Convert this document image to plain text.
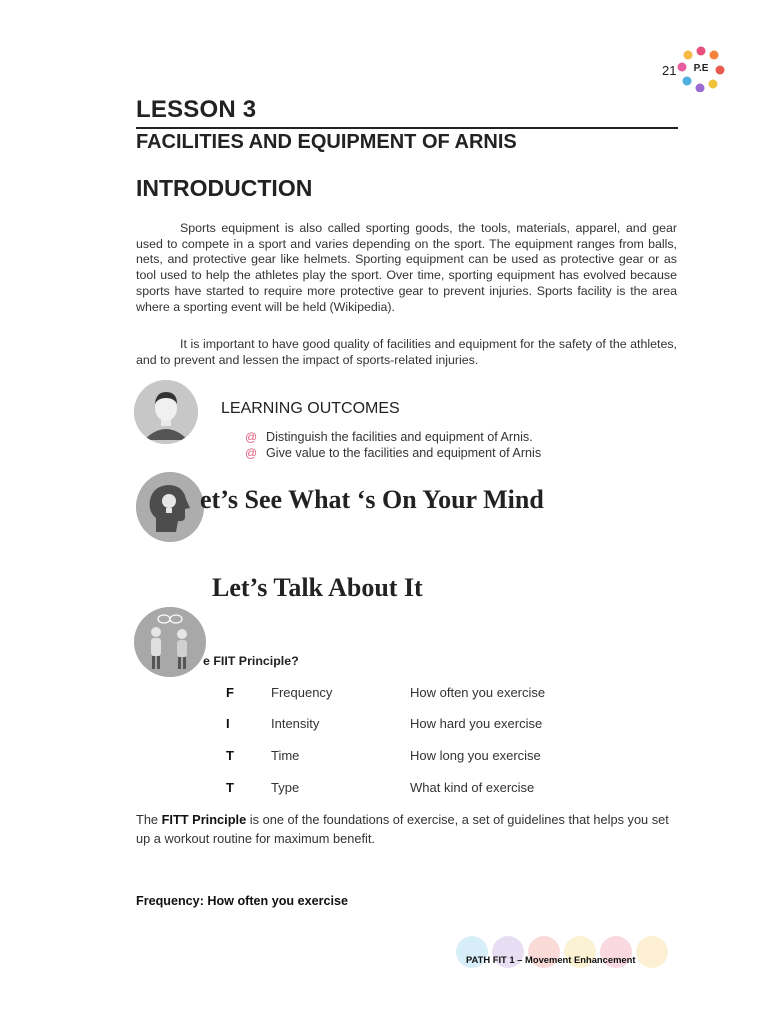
21 P.E
LESSON 3
FACILITIES AND EQUIPMENT OF ARNIS
INTRODUCTION
Sports equipment is also called sporting goods, the tools, materials, apparel, and gear used to compete in a sport and varies depending on the sport. The equipment ranges from balls, nets, and protective gear like helmets. Sporting equipment can be used as protective gear or as tool used to help the athletes play the sport. Over time, sporting equipment has evolved because sports have started to require more protective gear to prevent injuries. Sports facility is the area where a sporting event will be held (Wikipedia).
It is important to have good quality of facilities and equipment for the safety of the athletes, and to prevent and lessen the impact of sports-related injuries.
LEARNING OUTCOMES
@ Distinguish the facilities and equipment of Arnis.
@ Give value to the facilities and equipment of Arnis
et’s See What ‘s On Your Mind
Let’s Talk About It
e FIIT Principle?
F	Frequency	How often you exercise
I	Intensity	How hard you exercise
T	Time	How long you exercise
T	Type	What kind of exercise
The FITT Principle is one of the foundations of exercise, a set of guidelines that helps you set up a workout routine for maximum benefit.
Frequency: How often you exercise
PATH FIT 1 – Movement Enhancement
